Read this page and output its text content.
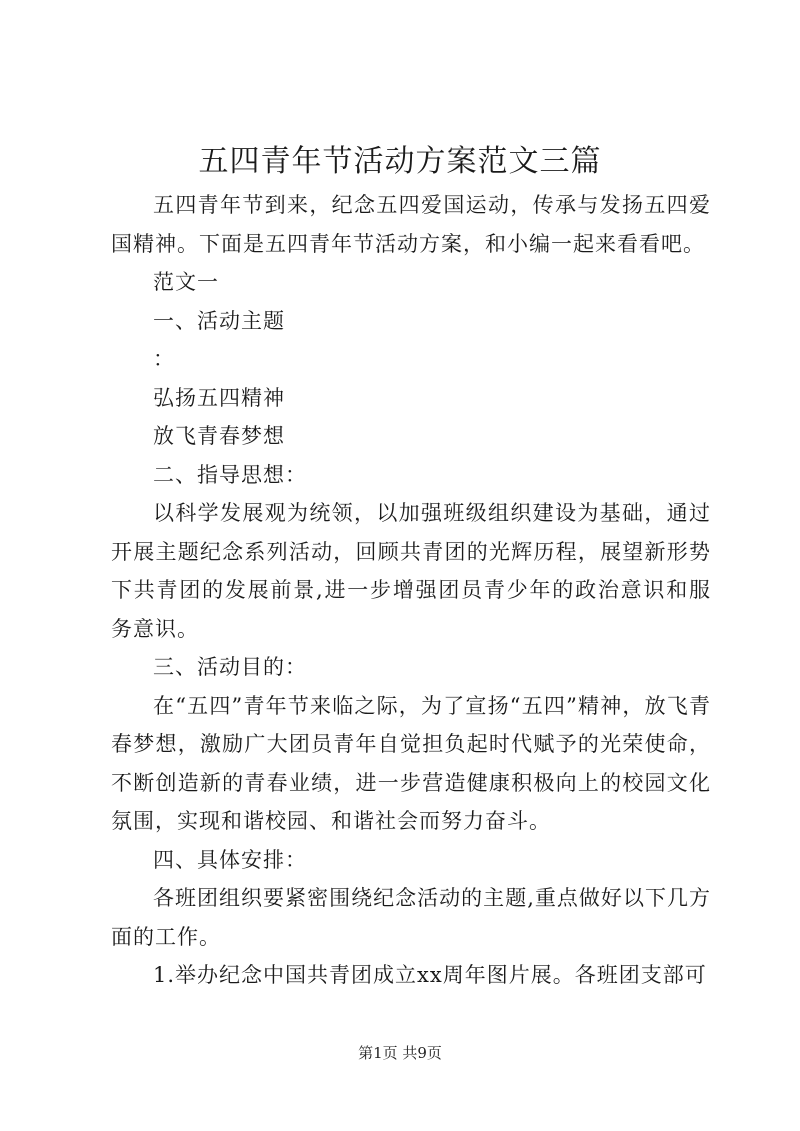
五四青年节活动方案范文三篇

五四青年节到来，纪念五四爱国运动，传承与发扬五四爱国精神。下面是五四青年节活动方案，和小编一起来看看吧。

范文一

一、活动主题

：

弘扬五四精神

放飞青春梦想

二、指导思想：

以科学发展观为统领，以加强班级组织建设为基础，通过开展主题纪念系列活动，回顾共青团的光辉历程，展望新形势下共青团的发展前景,进一步增强团员青少年的政治意识和服务意识。

三、活动目的：

在“五四”青年节来临之际，为了宣扬“五四”精神，放飞青春梦想，激励广大团员青年自觉担负起时代赋予的光荣使命，不断创造新的青春业绩，进一步营造健康积极向上的校园文化氛围，实现和谐校园、和谐社会而努力奋斗。

四、具体安排：

各班团组织要紧密围绕纪念活动的主题,重点做好以下几方面的工作。

1.举办纪念中国共青团成立xx周年图片展。各班团支部可

第1页 共9页
